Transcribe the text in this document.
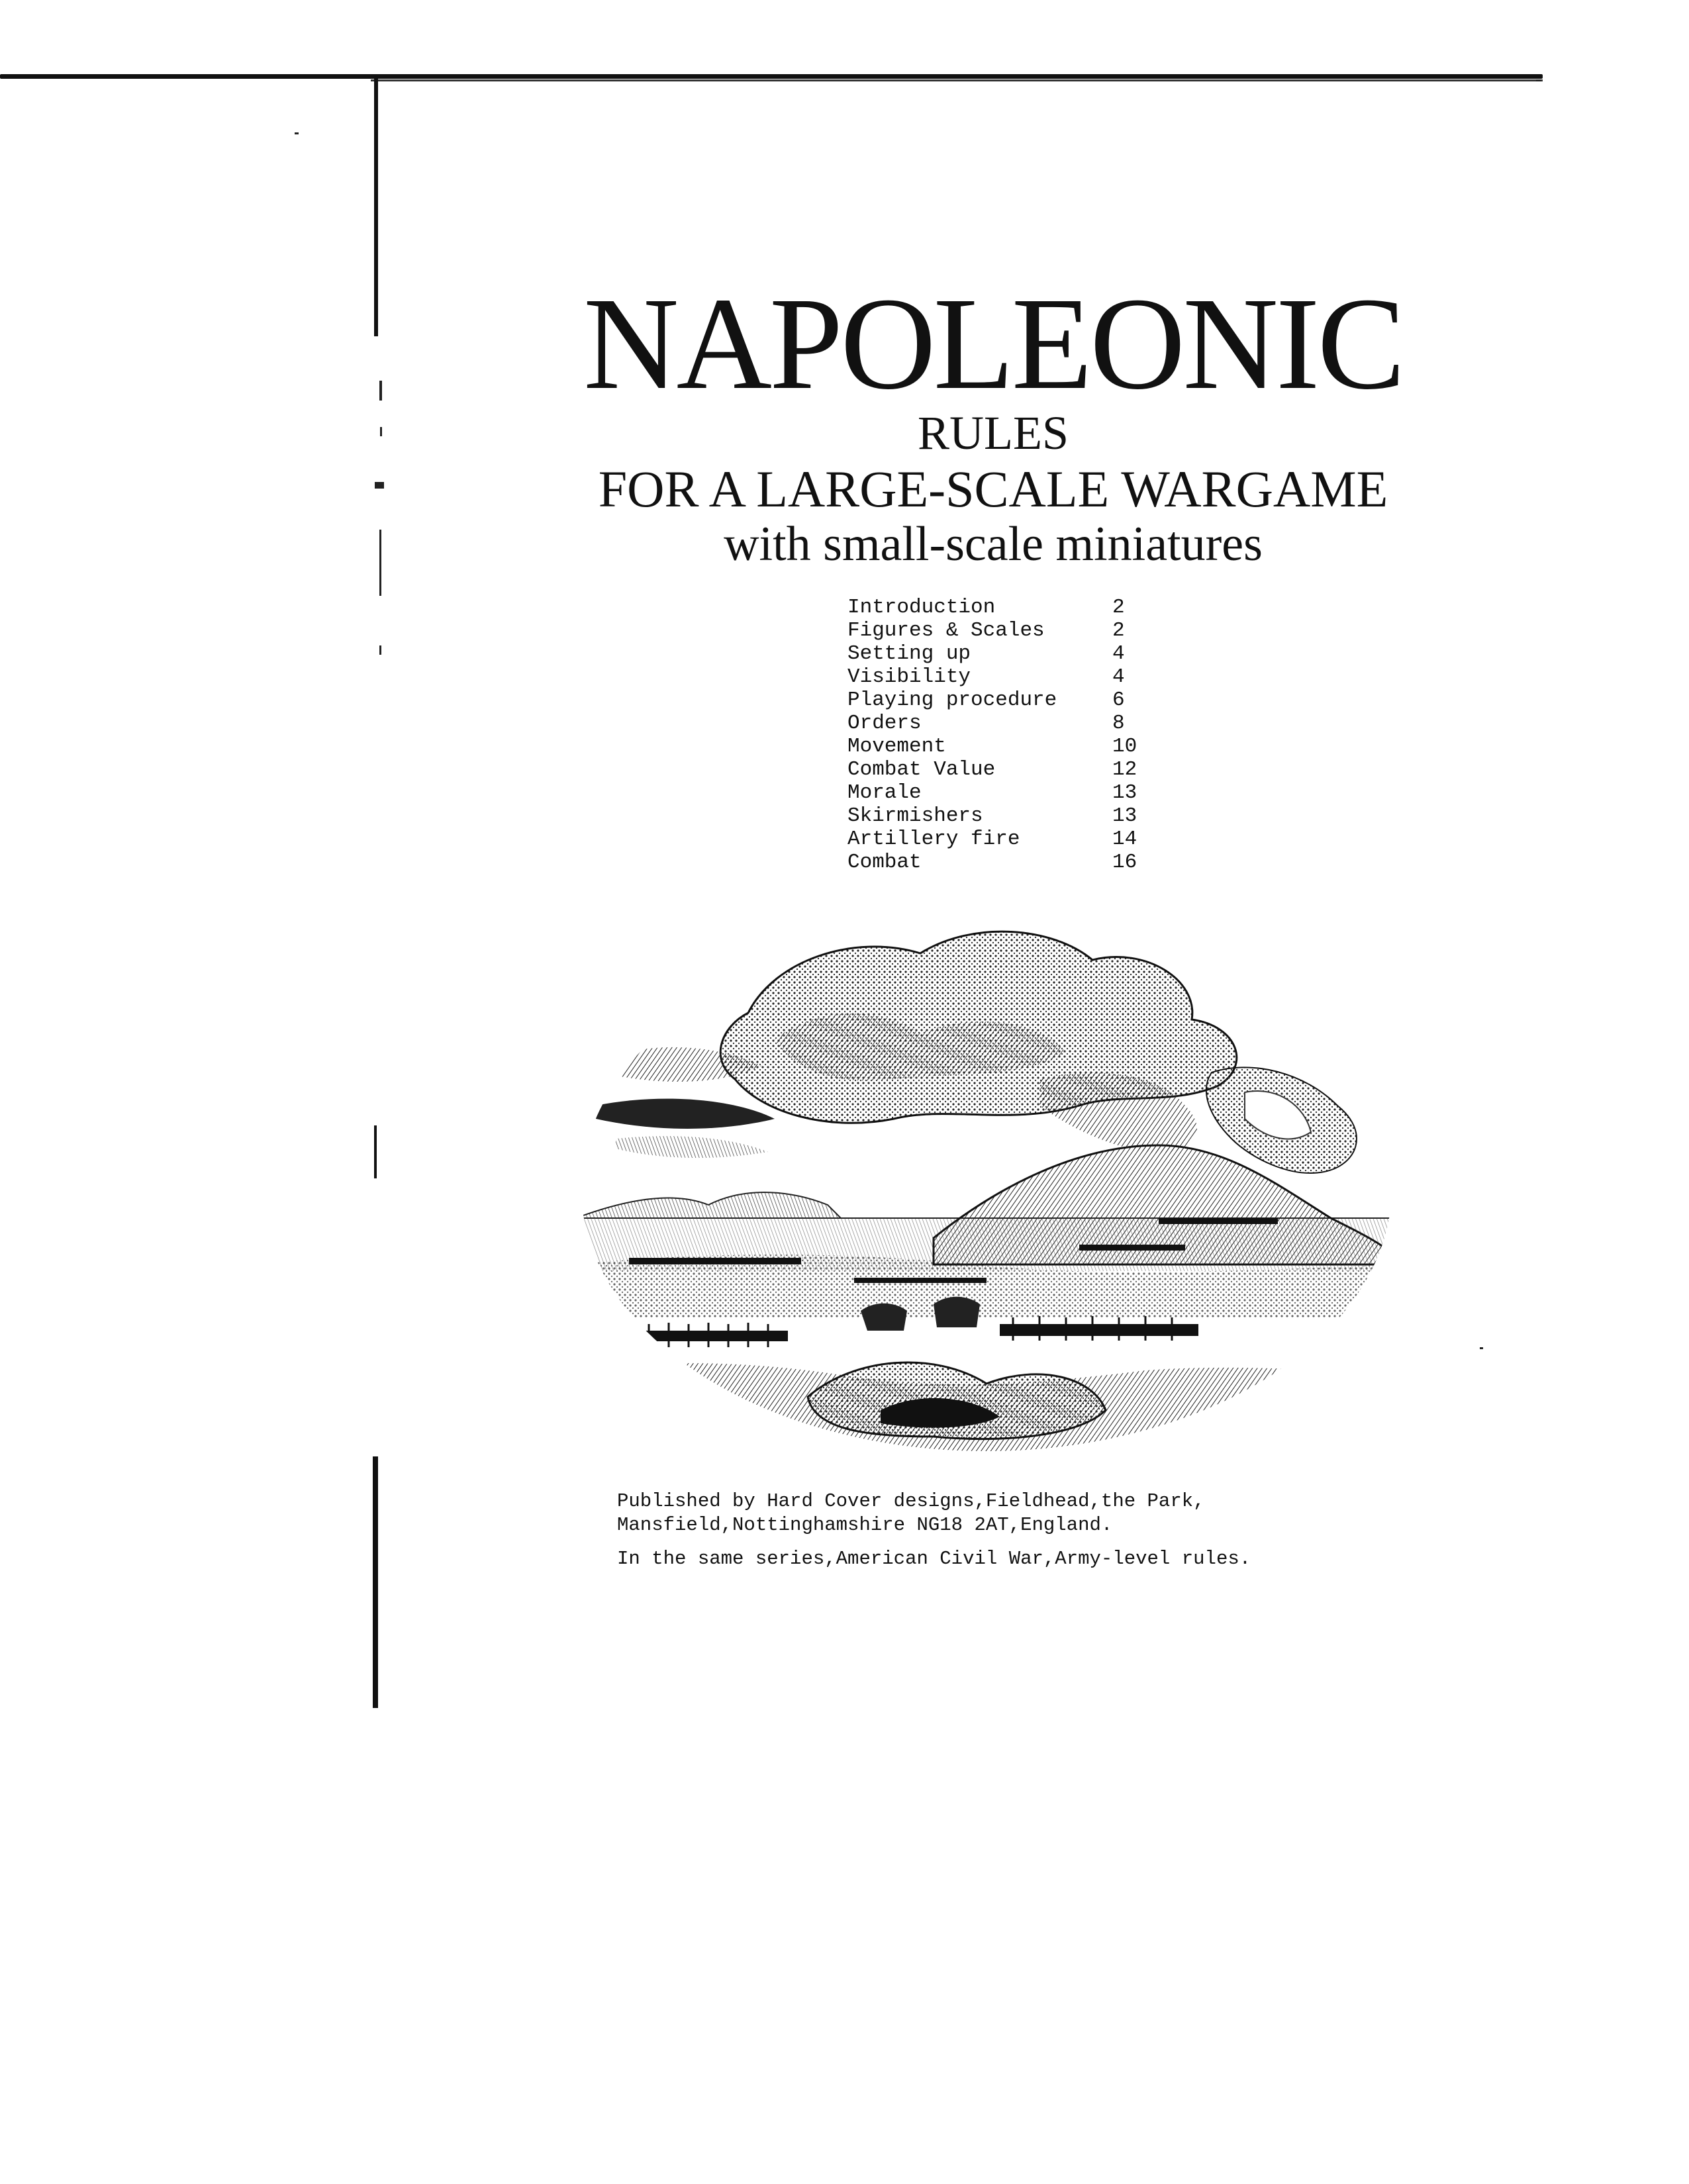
NAPOLEONIC
RULES
FOR A LARGE-SCALE WARGAME
with small-scale miniatures
Introduction	2
Figures & Scales	2
Setting up	4
Visibility	4
Playing procedure	6
Orders	8
Movement	10
Combat Value	12
Morale	13
Skirmishers	13
Artillery fire	14
Combat	16
Published by Hard Cover designs,Fieldhead,the Park,
Mansfield,Nottinghamshire NG18 2AT,England.
In the same series,American Civil War,Army-level rules.
